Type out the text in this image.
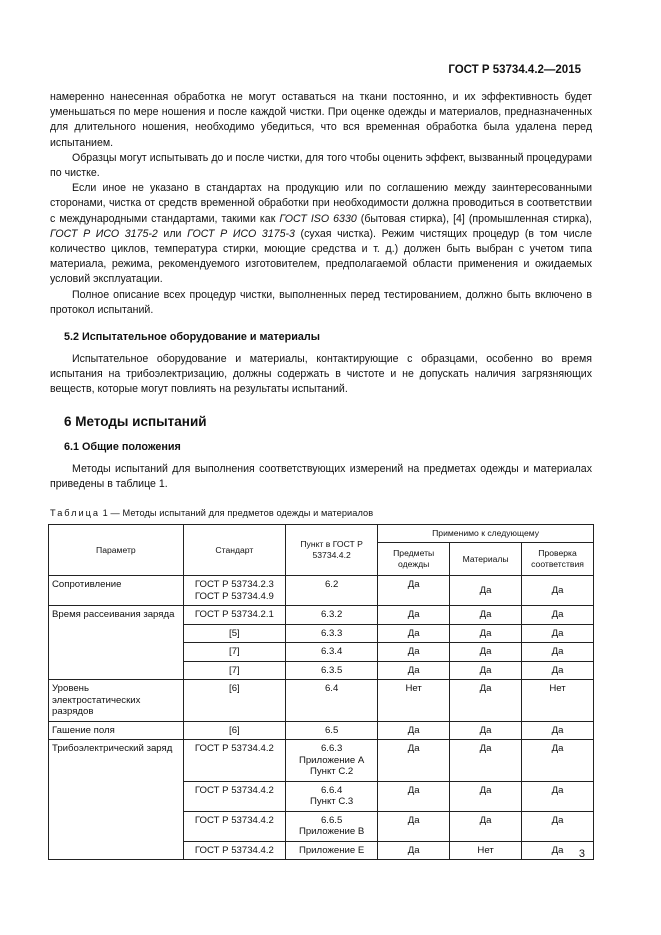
ГОСТ Р 53734.4.2—2015

намеренно нанесенная обработка не могут оставаться на ткани постоянно, и их эффективность будет уменьшаться по мере ношения и после каждой чистки. При оценке одежды и материалов, предназначенных для длительного ношения, необходимо убедиться, что вся временная обработка была удалена перед испытанием.

Образцы могут испытывать до и после чистки, для того чтобы оценить эффект, вызванный процедурами по чистке.

Если иное не указано в стандартах на продукцию или по соглашению между заинтересованными сторонами, чистка от средств временной обработки при необходимости должна проводиться в соответствии с международными стандартами, такими как ГОСТ ISO 6330 (бытовая стирка), [4] (промышленная стирка), ГОСТ Р ИСО 3175-2 или ГОСТ Р ИСО 3175-3 (сухая чистка). Режим чистящих процедур (в том числе количество циклов, температура стирки, моющие средства и т. д.) должен быть выбран с учетом типа материала, режима, рекомендуемого изготовителем, предполагаемой области применения и ожидаемых условий эксплуатации.

Полное описание всех процедур чистки, выполненных перед тестированием, должно быть включено в протокол испытаний.

5.2 Испытательное оборудование и материалы

Испытательное оборудование и материалы, контактирующие с образцами, особенно во время испытания на трибоэлектризацию, должны содержать в чистоте и не допускать наличия загрязняющих веществ, которые могут повлиять на результаты испытаний.

6 Методы испытаний
6.1 Общие положения

Методы испытаний для выполнения соответствующих измерений на предметах одежды и материалах приведены в таблице 1.

Таблица 1 — Методы испытаний для предметов одежды и материалов
Параметр	Стандарт	Пункт в ГОСТ Р 53734.4.2	Применимо к следующему		
			Предметы одежды	Материалы	Проверка соответствия
Сопротивление	ГОСТ Р 53734.2.3
ГОСТ Р 53734.4.9	6.2	Да	Да	Да
Время рассеивания заряда	ГОСТ Р 53734.2.1	6.3.2	Да	Да	Да
	[5]	6.3.3	Да	Да	Да
	[7]	6.3.4	Да	Да	Да
	[7]	6.3.5	Да	Да	Да
Уровень электростатических разрядов	[6]	6.4	Нет	Да	Нет
Гашение поля	[6]	6.5	Да	Да	Да
Трибоэлектрический заряд	ГОСТ Р 53734.4.2	6.6.3
Приложение А
Пункт С.2	Да	Да	Да
	ГОСТ Р 53734.4.2	6.6.4
Пункт С.3	Да	Да	Да
	ГОСТ Р 53734.4.2	6.6.5
Приложение В	Да	Да	Да
	ГОСТ Р 53734.4.2	Приложение Е	Да	Нет	Да 3
